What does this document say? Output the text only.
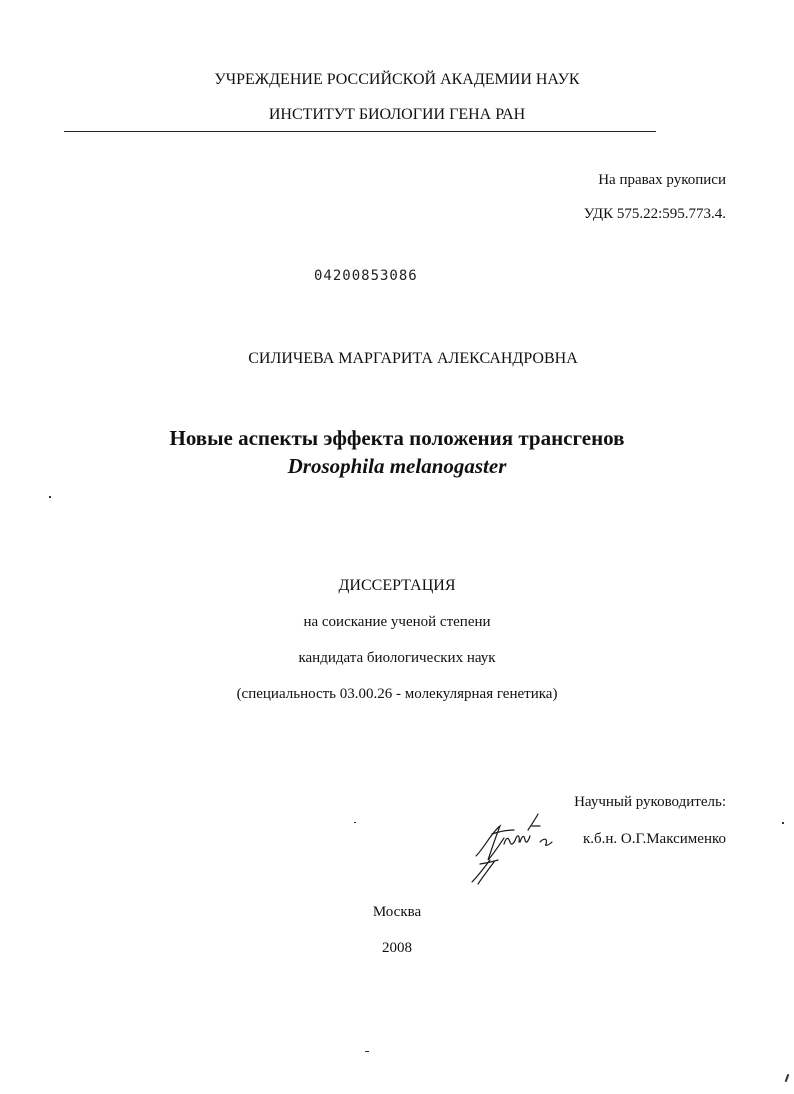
УЧРЕЖДЕНИЕ РОССИЙСКОЙ АКАДЕМИИ НАУК
ИНСТИТУТ БИОЛОГИИ ГЕНА РАН
На правах рукописи
УДК 575.22:595.773.4.
04200853086
СИЛИЧЕВА МАРГАРИТА АЛЕКСАНДРОВНА
Новые аспекты эффекта положения трансгенов
Drosophila melanogaster
ДИССЕРТАЦИЯ
на соискание ученой степени
кандидата биологических наук
(специальность 03.00.26 - молекулярная генетика)
Научный руководитель:
к.б.н. О.Г.Максименко
Москва
2008
